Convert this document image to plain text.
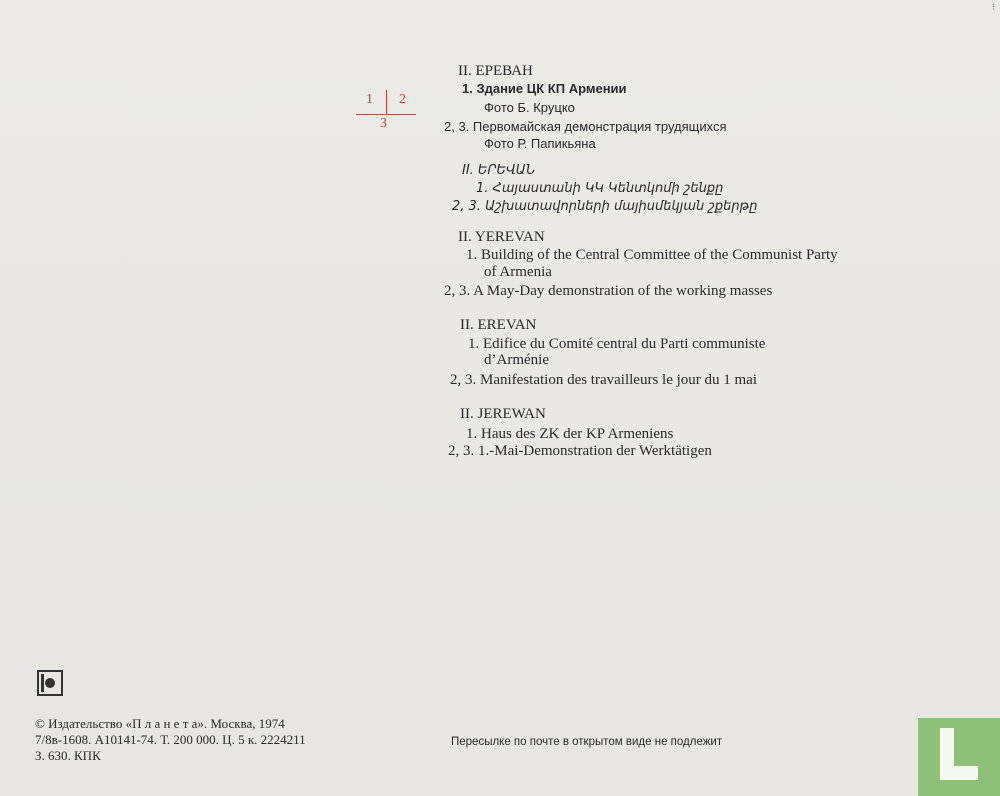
1 2
3
II. ЕРЕВАН
1. Здание ЦК КП Армении
Фото Б. Круцко
2, 3. Первомайская демонстрация трудящихся
Фото Р. Папикьяна
II. ԵՐԵՎԱՆ
1. Հայաստանի ԿԿ Կենտկոմի շենքը
2, 3. Աշխատավորների մայիսմեկյան շքերթը
II. YEREVAN
1. Building of the Central Committee of the Communist Party
of Armenia
2, 3. A May-Day demonstration of the working masses
II. EREVAN
1. Edifice du Comité central du Parti communiste
d’Arménie
2, 3. Manifestation des travailleurs le jour du 1 mai
II. JEREWAN
1. Haus des ZK der KP Armeniens
2, 3. 1.-Mai-Demonstration der Werktätigen
© Издательство «П л а н е т а». Москва, 1974
7/8в-1608. А10141-74. Т. 200 000. Ц. 5 к. 2224211
З. 630. КПК
Пересылке по почте в открытом виде не подлежит
⁝
